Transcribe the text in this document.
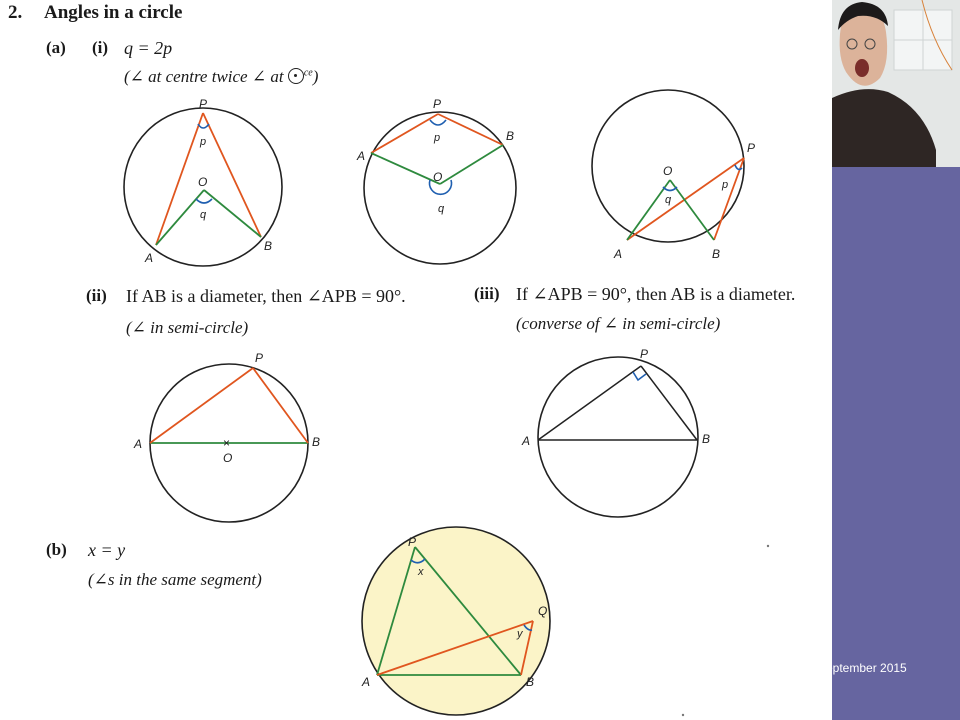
2. Angles in a circle
(a) (i) q = 2p
(∠ at centre twice ∠ at
$^{ce}$)
(ii) If AB is a diameter, then ∠APB = 90°.
(∠ in semi-circle)
(iii) If ∠APB = 90°, then AB is a diameter.
(converse of ∠ in semi-circle)
(b) x = y
(∠s in the same segment)
P
p
O
q
A
B
P
p
O
q
A
B
P
p
O
q
A	B
×
P
O
A	B
P
A	B
P
x
Q
y
A	B
eptember 2015
